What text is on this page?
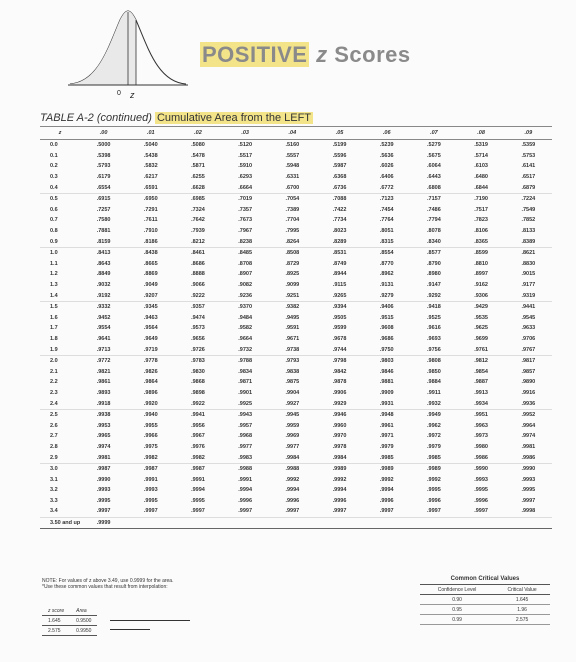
0 z
POSITIVE z Scores
TABLE A-2 (continued) Cumulative Area from the LEFT
z	.00	.01	.02	.03	.04	.05	.06	.07	.08	.09
0.0	.5000	.5040	.5080	.5120	.5160	.5199	.5239	.5279	.5319	.5359
0.1	.5398	.5438	.5478	.5517	.5557	.5596	.5636	.5675	.5714	.5753
0.2	.5793	.5832	.5871	.5910	.5948	.5987	.6026	.6064	.6103	.6141
0.3	.6179	.6217	.6255	.6293	.6331	.6368	.6406	.6443	.6480	.6517
0.4	.6554	.6591	.6628	.6664	.6700	.6736	.6772	.6808	.6844	.6879
0.5	.6915	.6950	.6985	.7019	.7054	.7088	.7123	.7157	.7190	.7224
0.6	.7257	.7291	.7324	.7357	.7389	.7422	.7454	.7486	.7517	.7549
0.7	.7580	.7611	.7642	.7673	.7704	.7734	.7764	.7794	.7823	.7852
0.8	.7881	.7910	.7939	.7967	.7995	.8023	.8051	.8078	.8106	.8133
0.9	.8159	.8186	.8212	.8238	.8264	.8289	.8315	.8340	.8365	.8389
1.0	.8413	.8438	.8461	.8485	.8508	.8531	.8554	.8577	.8599	.8621
1.1	.8643	.8665	.8686	.8708	.8729	.8749	.8770	.8790	.8810	.8830
1.2	.8849	.8869	.8888	.8907	.8925	.8944	.8962	.8980	.8997	.9015
1.3	.9032	.9049	.9066	.9082	.9099	.9115	.9131	.9147	.9162	.9177
1.4	.9192	.9207	.9222	.9236	.9251	.9265	.9279	.9292	.9306	.9319
1.5	.9332	.9345	.9357	.9370	.9382	.9394	.9406	.9418	.9429	.9441
1.6	.9452	.9463	.9474	.9484	.9495	.9505	.9515	.9525	.9535	.9545
1.7	.9554	.9564	.9573	.9582	.9591	.9599	.9608	.9616	.9625	.9633
1.8	.9641	.9649	.9656	.9664	.9671	.9678	.9686	.9693	.9699	.9706
1.9	.9713	.9719	.9726	.9732	.9738	.9744	.9750	.9756	.9761	.9767
2.0	.9772	.9778	.9783	.9788	.9793	.9798	.9803	.9808	.9812	.9817
2.1	.9821	.9826	.9830	.9834	.9838	.9842	.9846	.9850	.9854	.9857
2.2	.9861	.9864	.9868	.9871	.9875	.9878	.9881	.9884	.9887	.9890
2.3	.9893	.9896	.9898	.9901	.9904	.9906	.9909	.9911	.9913	.9916
2.4	.9918	.9920	.9922	.9925	.9927	.9929	.9931	.9932	.9934	.9936
2.5	.9938	.9940	.9941	.9943	.9945	.9946	.9948	.9949	.9951	.9952
2.6	.9953	.9955	.9956	.9957	.9959	.9960	.9961	.9962	.9963	.9964
2.7	.9965	.9966	.9967	.9968	.9969	.9970	.9971	.9972	.9973	.9974
2.8	.9974	.9975	.9976	.9977	.9977	.9978	.9979	.9979	.9980	.9981
2.9	.9981	.9982	.9982	.9983	.9984	.9984	.9985	.9985	.9986	.9986
3.0	.9987	.9987	.9987	.9988	.9988	.9989	.9989	.9989	.9990	.9990
3.1	.9990	.9991	.9991	.9991	.9992	.9992	.9992	.9992	.9993	.9993
3.2	.9993	.9993	.9994	.9994	.9994	.9994	.9994	.9995	.9995	.9995
3.3	.9995	.9995	.9995	.9996	.9996	.9996	.9996	.9996	.9996	.9997
3.4	.9997	.9997	.9997	.9997	.9997	.9997	.9997	.9997	.9997	.9998
3.50 and up	.9999									
NOTE: For values of z above 3.49, use 0.9999 for the area.
*Use these common values that result from interpolation:
z score	Area
1.645	0.9500
2.575	0.9950
Common Critical Values
Confidence Level	Critical Value
0.90	1.645
0.95	1.96
0.99	2.575
